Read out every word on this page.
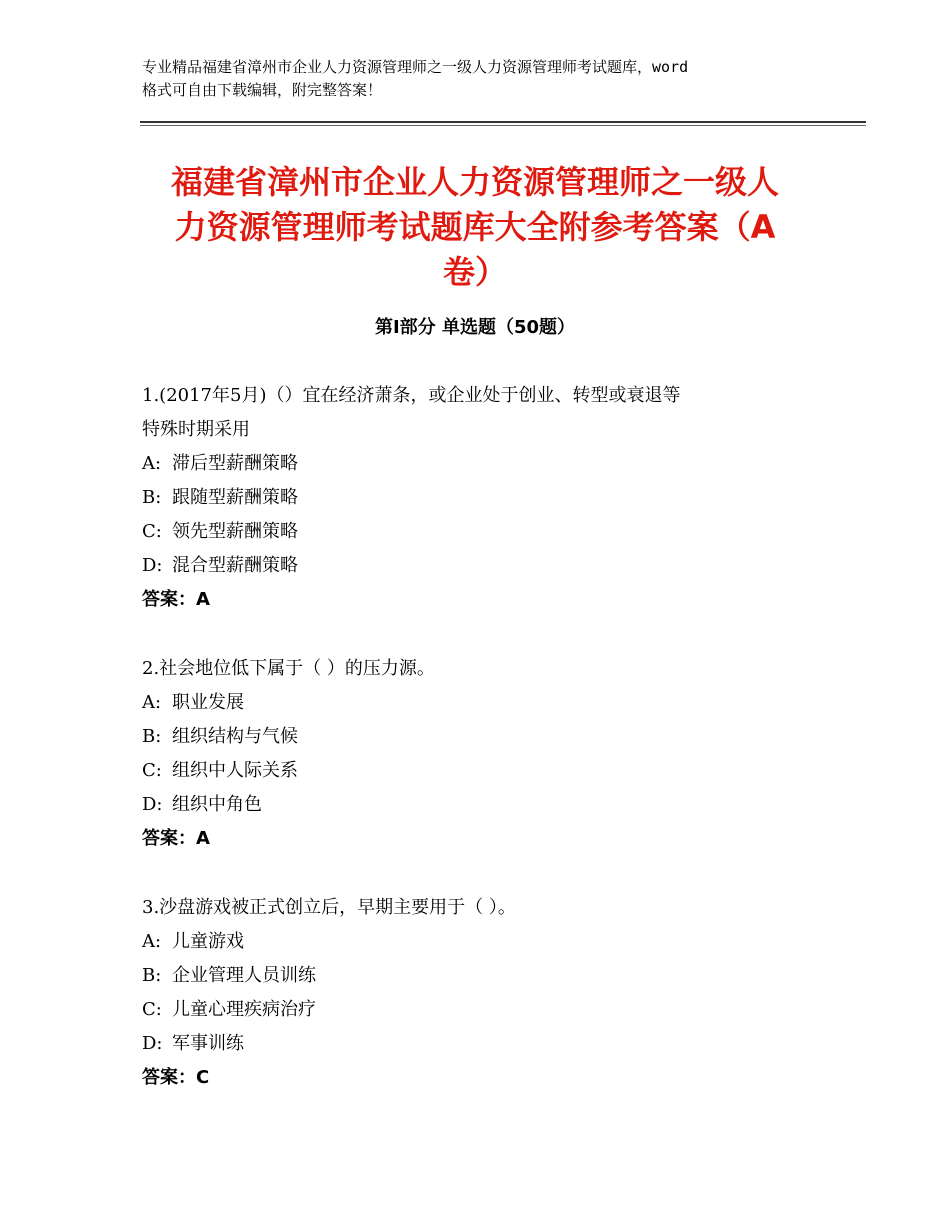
专业精品福建省漳州市企业人力资源管理师之一级人力资源管理师考试题库，word
格式可自由下载编辑，附完整答案！
福建省漳州市企业人力资源管理师之一级人
力资源管理师考试题库大全附参考答案（A
卷）
第Ⅰ部分 单选题（50题）
1.(2017年5月)（）宜在经济萧条，或企业处于创业、转型或衰退等
特殊时期采用
A: 滞后型薪酬策略
B: 跟随型薪酬策略
C: 领先型薪酬策略
D: 混合型薪酬策略
答案：A
2.社会地位低下属于（ ）的压力源。
A: 职业发展
B: 组织结构与气候
C: 组织中人际关系
D: 组织中角色
答案：A
3.沙盘游戏被正式创立后，早期主要用于（ ）。
A: 儿童游戏
B: 企业管理人员训练
C: 儿童心理疾病治疗
D: 军事训练
答案：C
